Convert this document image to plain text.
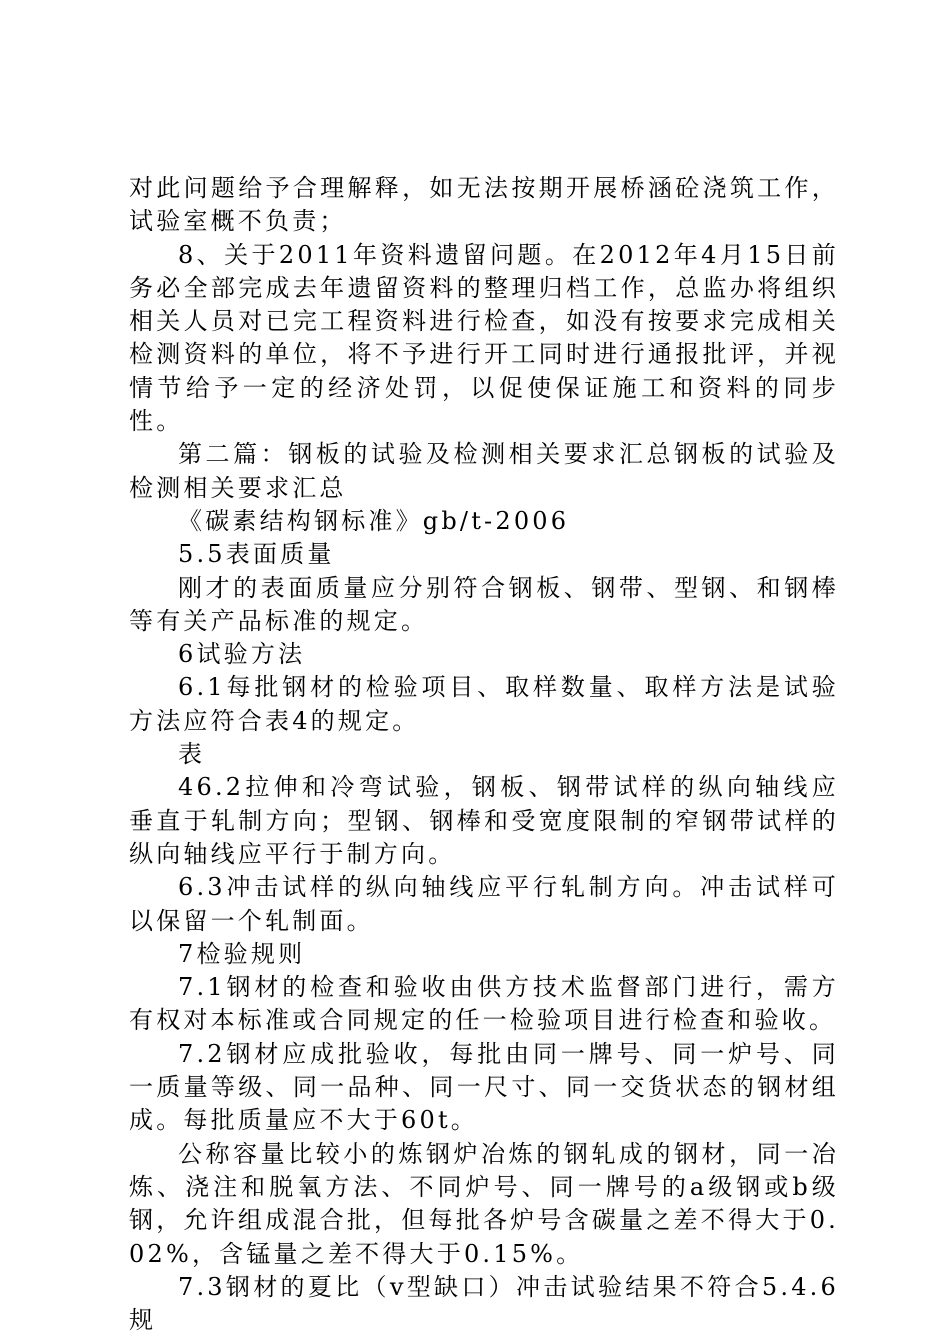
对此问题给予合理解释，如无法按期开展桥涵砼浇筑工作，试验室概不负责；

8、关于2011年资料遗留问题。在2012年4月15日前务必全部完成去年遗留资料的整理归档工作，总监办将组织相关人员对已完工程资料进行检查，如没有按要求完成相关检测资料的单位，将不予进行开工同时进行通报批评，并视情节给予一定的经济处罚，以促使保证施工和资料的同步性。

第二篇：钢板的试验及检测相关要求汇总钢板的试验及检测相关要求汇总

《碳素结构钢标准》gb/t-2006

5.5表面质量

刚才的表面质量应分别符合钢板、钢带、型钢、和钢棒等有关产品标准的规定。

6试验方法

6.1每批钢材的检验项目、取样数量、取样方法是试验方法应符合表4的规定。

表

46.2拉伸和冷弯试验，钢板、钢带试样的纵向轴线应垂直于轧制方向；型钢、钢棒和受宽度限制的窄钢带试样的纵向轴线应平行于制方向。

6.3冲击试样的纵向轴线应平行轧制方向。冲击试样可以保留一个轧制面。

7检验规则

7.1钢材的检查和验收由供方技术监督部门进行，需方有权对本标准或合同规定的任一检验项目进行检查和验收。

7.2钢材应成批验收，每批由同一牌号、同一炉号、同一质量等级、同一品种、同一尺寸、同一交货状态的钢材组成。每批质量应不大于60t。

公称容量比较小的炼钢炉冶炼的钢轧成的钢材，同一冶炼、浇注和脱氧方法、不同炉号、同一牌号的a级钢或b级钢，允许组成混合批，但每批各炉号含碳量之差不得大于0.02%，含锰量之差不得大于0.15%。

7.3钢材的夏比（v型缺口）冲击试验结果不符合5.4.6规
